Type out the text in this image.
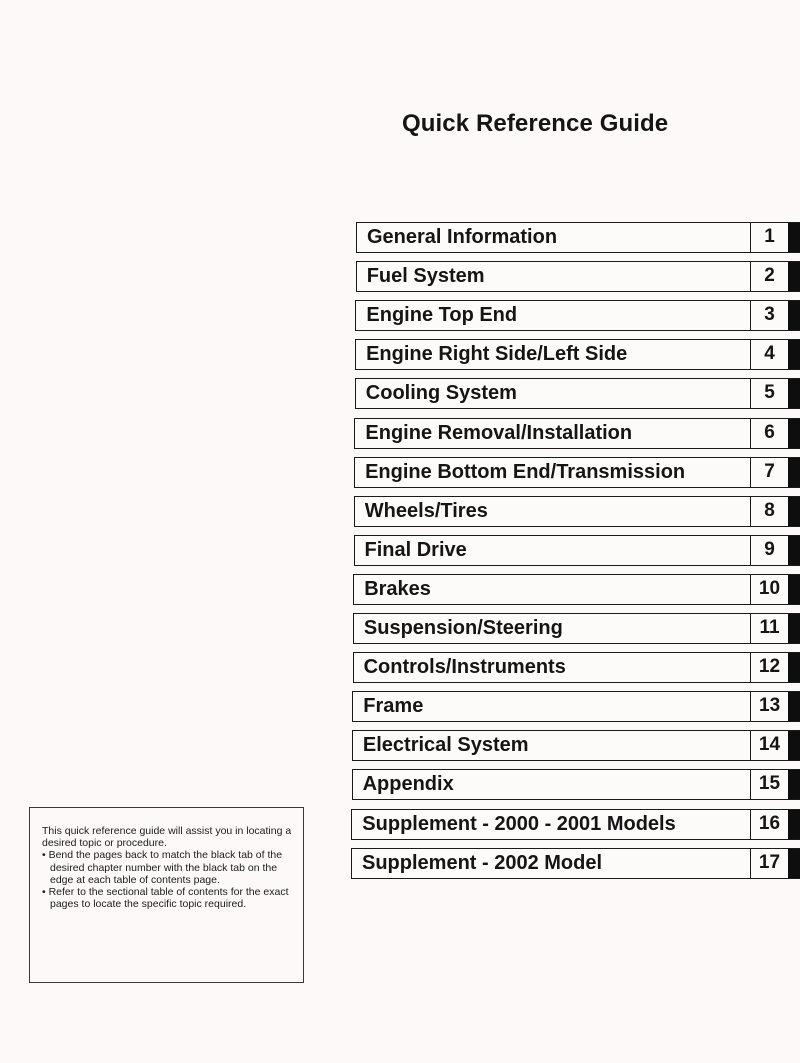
Quick Reference Guide
General Information	1
Fuel System	2
Engine Top End	3
Engine Right Side/Left Side	4
Cooling System	5
Engine Removal/Installation	6
Engine Bottom End/Transmission	7
Wheels/Tires	8
Final Drive	9
Brakes	10
Suspension/Steering	11
Controls/Instruments	12
Frame	13
Electrical System	14
Appendix	15
Supplement - 2000 - 2001 Models	16
Supplement - 2002 Model	17
This quick reference guide will assist you in locating a desired topic or procedure.
• Bend the pages back to match the black tab of the desired chapter number with the black tab on the edge at each table of contents page.
• Refer to the sectional table of contents for the exact pages to locate the specific topic required.
